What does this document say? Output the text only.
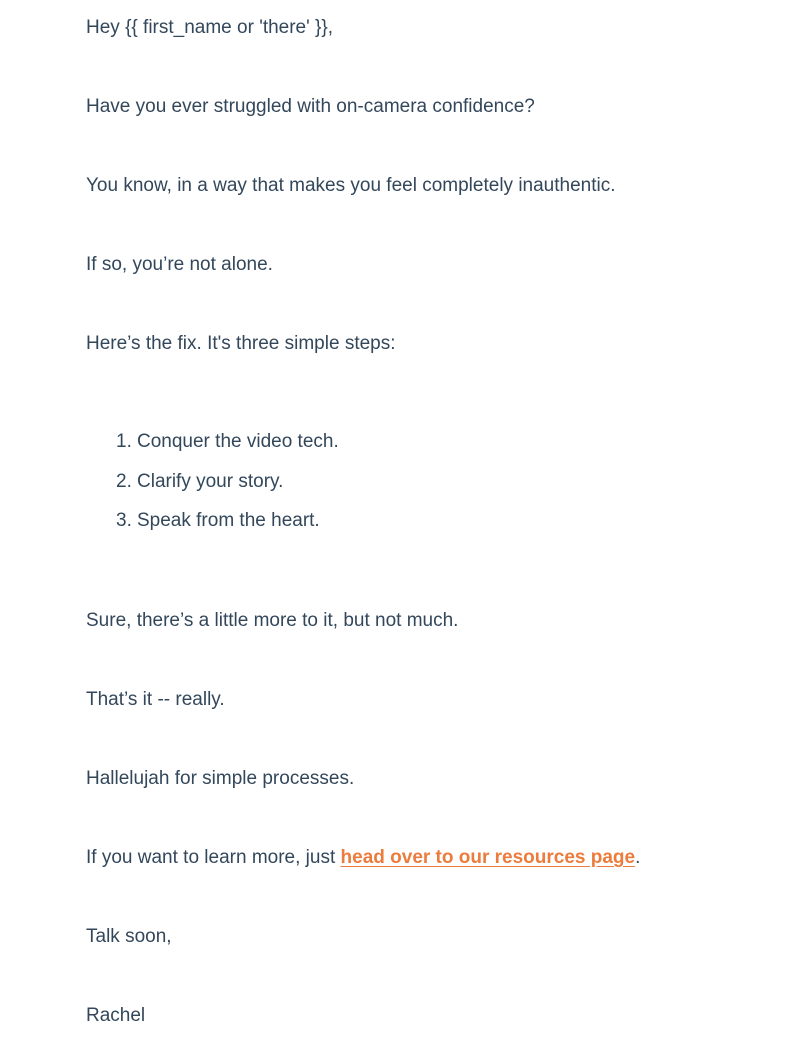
Hey {{ first_name or 'there' }},

Have you ever struggled with on-camera confidence?

You know, in a way that makes you feel completely inauthentic.

If so, you’re not alone.

Here’s the fix. It's three simple steps:

1. Conquer the video tech.
2. Clarify your story.
3. Speak from the heart.

Sure, there’s a little more to it, but not much.

That’s it -- really.

Hallelujah for simple processes.

If you want to learn more, just head over to our resources page.

Talk soon,

Rachel
